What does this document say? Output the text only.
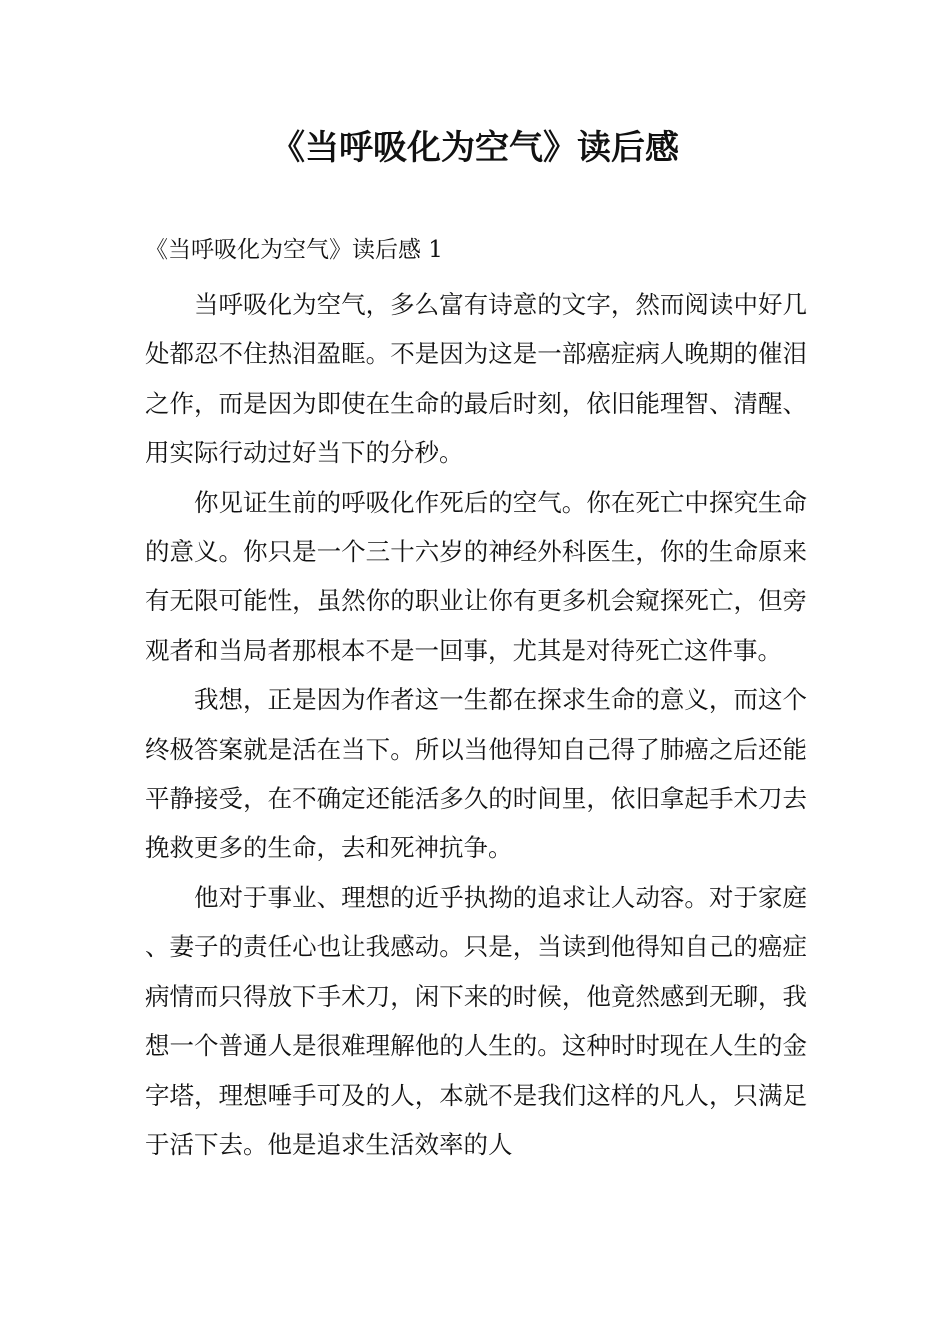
《当呼吸化为空气》读后感

《当呼吸化为空气》读后感 1

当呼吸化为空气，多么富有诗意的文字，然而阅读中好几处都忍不住热泪盈眶。不是因为这是一部癌症病人晚期的催泪之作，而是因为即使在生命的最后时刻，依旧能理智、清醒、用实际行动过好当下的分秒。

你见证生前的呼吸化作死后的空气。你在死亡中探究生命的意义。你只是一个三十六岁的神经外科医生，你的生命原来有无限可能性，虽然你的职业让你有更多机会窥探死亡，但旁观者和当局者那根本不是一回事，尤其是对待死亡这件事。

我想，正是因为作者这一生都在探求生命的意义，而这个终极答案就是活在当下。所以当他得知自己得了肺癌之后还能平静接受，在不确定还能活多久的时间里，依旧拿起手术刀去挽救更多的生命，去和死神抗争。

他对于事业、理想的近乎执拗的追求让人动容。对于家庭、妻子的责任心也让我感动。只是，当读到他得知自己的癌症病情而只得放下手术刀，闲下来的时候，他竟然感到无聊，我想一个普通人是很难理解他的人生的。这种时时现在人生的金字塔，理想唾手可及的人，本就不是我们这样的凡人，只满足于活下去。他是追求生活效率的人
